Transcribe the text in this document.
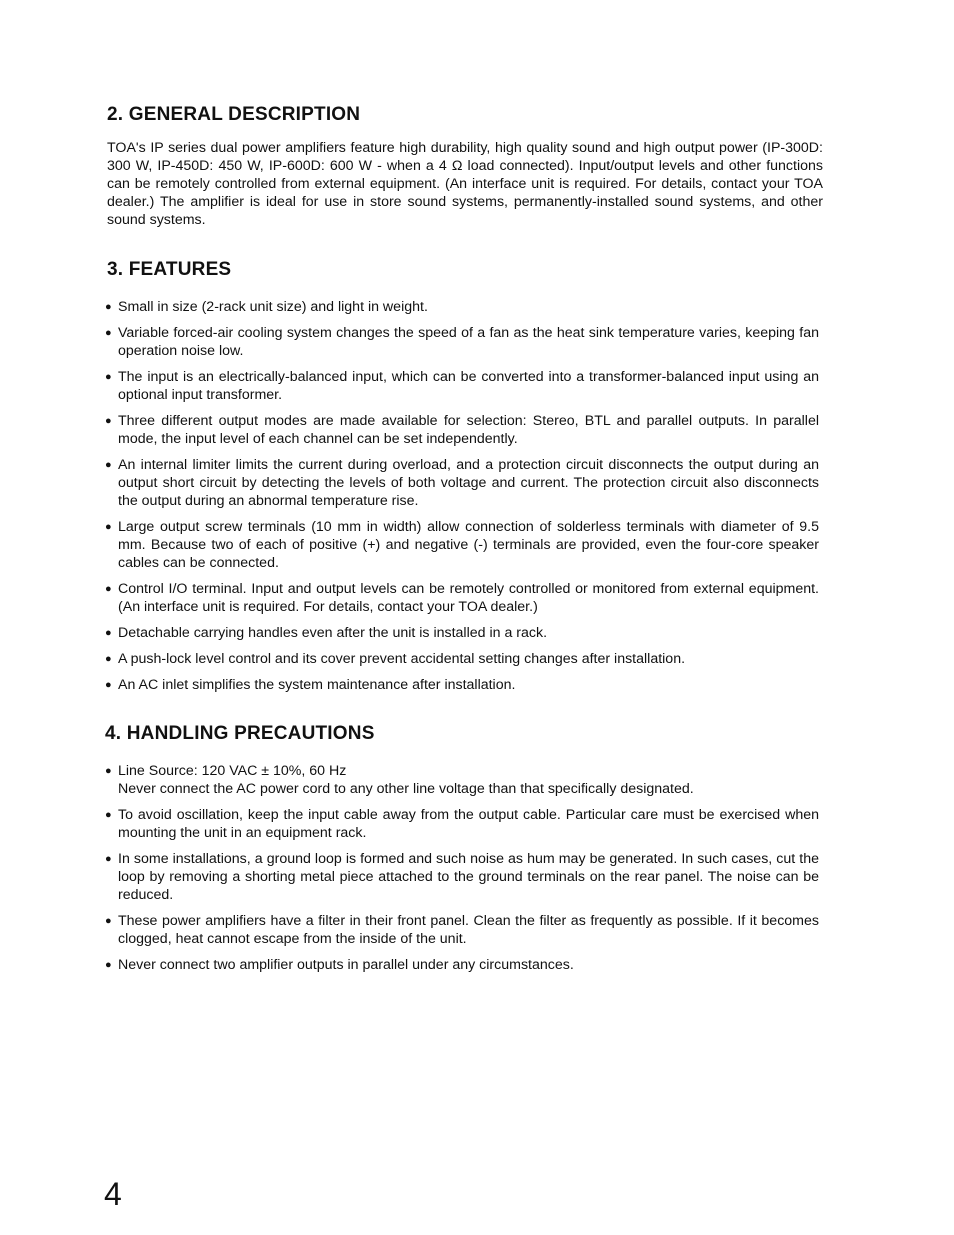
2. GENERAL DESCRIPTION

TOA's IP series dual power amplifiers feature high durability, high quality sound and high output power (IP-300D: 300 W, IP-450D: 450 W, IP-600D: 600 W - when a 4 Ω load connected). Input/output levels and other functions can be remotely controlled from external equipment. (An interface unit is required. For details, contact your TOA dealer.) The amplifier is ideal for use in store sound systems, permanently-installed sound systems, and other sound systems.

3. FEATURES
● Small in size (2-rack unit size) and light in weight.
● Variable forced-air cooling system changes the speed of a fan as the heat sink temperature varies, keeping fan operation noise low.
● The input is an electrically-balanced input, which can be converted into a transformer-balanced input using an optional input transformer.
● Three different output modes are made available for selection: Stereo, BTL and parallel outputs. In parallel mode, the input level of each channel can be set independently.
● An internal limiter limits the current during overload, and a protection circuit disconnects the output during an output short circuit by detecting the levels of both voltage and current. The protection circuit also disconnects the output during an abnormal temperature rise.
● Large output screw terminals (10 mm in width) allow connection of solderless terminals with diameter of 9.5 mm. Because two of each of positive (+) and negative (-) terminals are provided, even the four-core speaker cables can be connected.
● Control I/O terminal. Input and output levels can be remotely controlled or monitored from external equipment. (An interface unit is required. For details, contact your TOA dealer.)
● Detachable carrying handles even after the unit is installed in a rack.
● A push-lock level control and its cover prevent accidental setting changes after installation.
● An AC inlet simplifies the system maintenance after installation.
4. HANDLING PRECAUTIONS
● Line Source: 120 VAC ± 10%, 60 Hz
Never connect the AC power cord to any other line voltage than that specifically designated.
● To avoid oscillation, keep the input cable away from the output cable. Particular care must be exercised when mounting the unit in an equipment rack.
● In some installations, a ground loop is formed and such noise as hum may be generated. In such cases, cut the loop by removing a shorting metal piece attached to the ground terminals on the rear panel. The noise can be reduced.
● These power amplifiers have a filter in their front panel. Clean the filter as frequently as possible. If it becomes clogged, heat cannot escape from the inside of the unit.
● Never connect two amplifier outputs in parallel under any circumstances.
4
